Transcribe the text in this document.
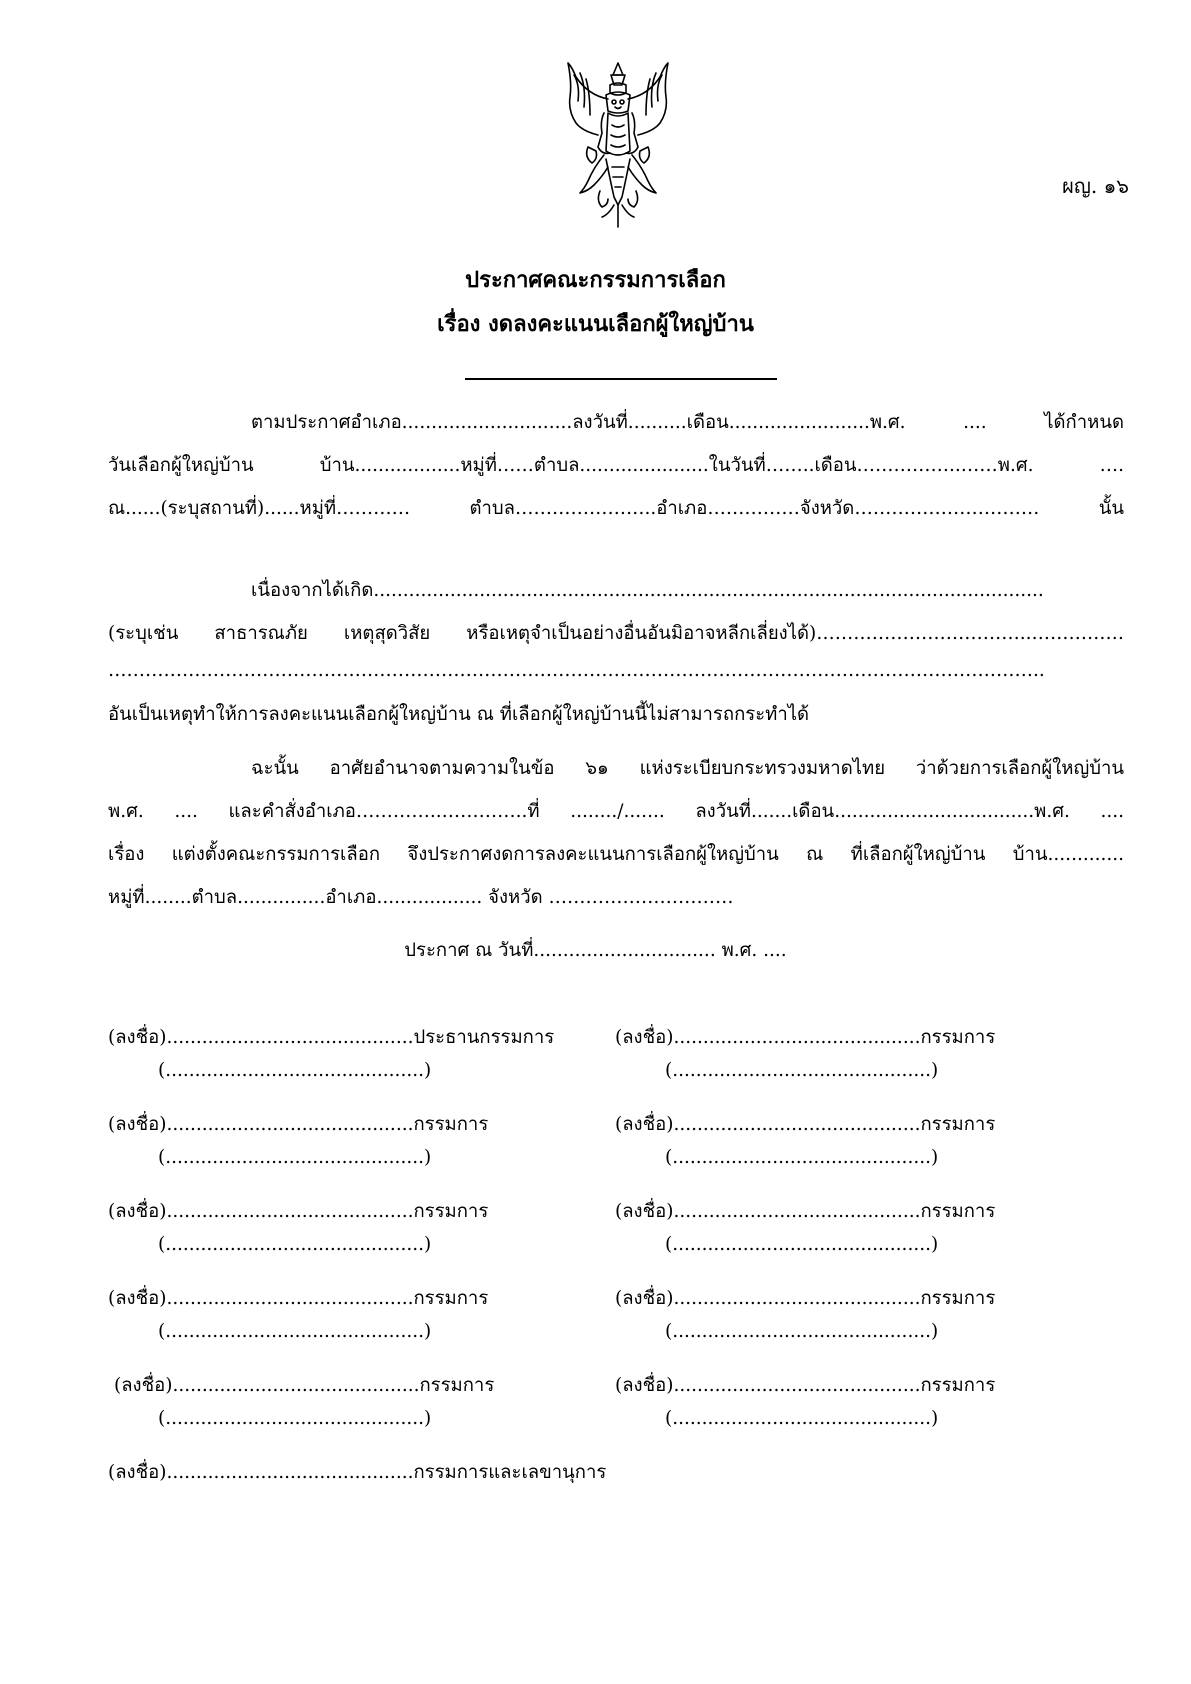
ผญ. ๑๖
ประกาศคณะกรรมการเลือก
เรื่อง งดลงคะแนนเลือกผู้ใหญ่บ้าน
ตามประกาศอำเภอ.............................ลงวันที่..........เดือน........................พ.ศ. .... ได้กำหนด
วันเลือกผู้ใหญ่บ้าน บ้าน..................หมู่ที่……ตำบล......................ในวันที่……..เดือน……………..……พ.ศ. ….
ณ......(ระบุสถานที่)......หมู่ที่………… ตำบล…………………..อำเภอ……………จังหวัด………………………… นั้น
เนื่องจากได้เกิด..................................................................................................................
(ระบุเช่น สาธารณภัย เหตุสุดวิสัย หรือเหตุจำเป็นอย่างอื่นอันมิอาจหลีกเลี่ยงได้)……………………………..……………
……………………………………………………………………………………………………………………………………..
อันเป็นเหตุทำให้การลงคะแนนเลือกผู้ใหญ่บ้าน ณ ที่เลือกผู้ใหญ่บ้านนี้ไม่สามารถกระทำได้
ฉะนั้น อาศัยอำนาจตามความในข้อ ๖๑ แห่งระเบียบกระทรวงมหาดไทย ว่าด้วยการเลือกผู้ใหญ่บ้าน
พ.ศ. .... และคำสั่งอำเภอ…………..…………..ที่ ......../....... ลงวันที่.......เดือน..................................พ.ศ. ....
เรื่อง แต่งตั้งคณะกรรมการเลือก จึงประกาศงดการลงคะแนนการเลือกผู้ใหญ่บ้าน ณ ที่เลือกผู้ใหญ่บ้าน บ้าน.............
หมู่ที่........ตำบล...............อำเภอ.................. จังหวัด …………………………
ประกาศ ณ วันที่............................... พ.ศ. ....
(ลงชื่อ)..........................................ประธานกรรมการ	(ลงชื่อ)..........................................กรรมการ
(............................................)	(............................................)
(ลงชื่อ)..........................................กรรมการ	(ลงชื่อ)..........................................กรรมการ
(............................................)	(............................................)
(ลงชื่อ)..........................................กรรมการ	(ลงชื่อ)..........................................กรรมการ
(............................................)	(............................................)
(ลงชื่อ)..........................................กรรมการ	(ลงชื่อ)..........................................กรรมการ
(............................................)	(............................................)
(ลงชื่อ)..........................................กรรมการ	(ลงชื่อ)..........................................กรรมการ
(............................................)	(............................................)
(ลงชื่อ)..........................................กรรมการและเลขานุการ
